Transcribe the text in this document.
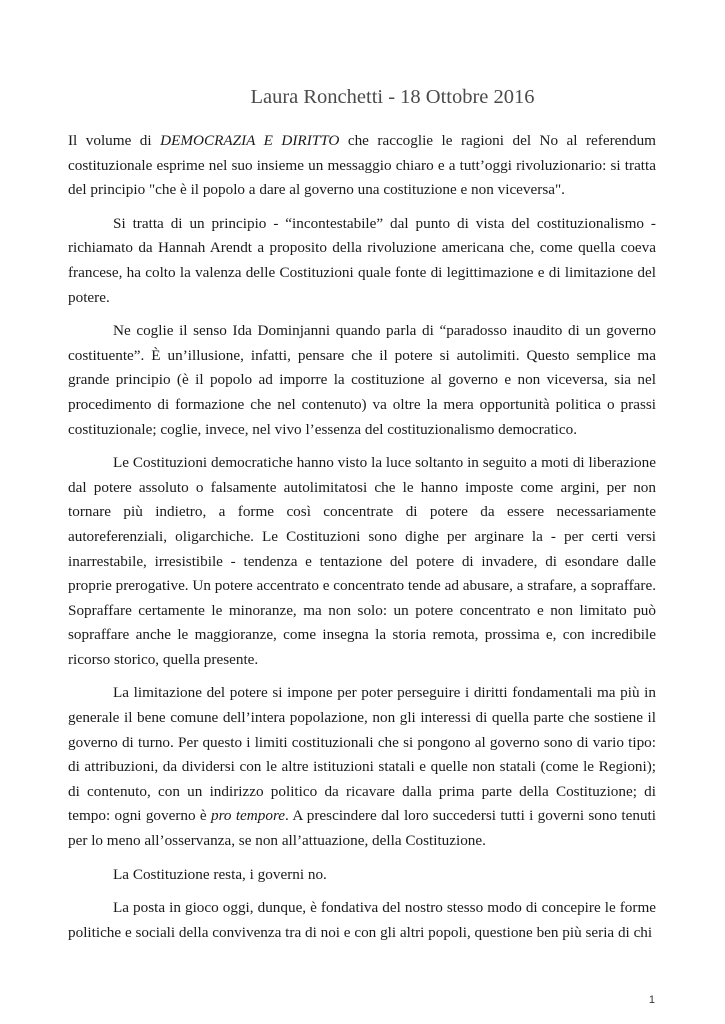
Laura Ronchetti - 18 Ottobre 2016

Il volume di DEMOCRAZIA E DIRITTO che raccoglie le ragioni del No al referendum costituzionale esprime nel suo insieme un messaggio chiaro e a tutt’oggi rivoluzionario: si tratta del principio "che è il popolo a dare al governo una costituzione e non viceversa".

Si tratta di un principio - “incontestabile” dal punto di vista del costituzionalismo - richiamato da Hannah Arendt a proposito della rivoluzione americana che, come quella coeva francese, ha colto la valenza delle Costituzioni quale fonte di legittimazione e di limitazione del potere.

Ne coglie il senso Ida Dominjanni quando parla di “paradosso inaudito di un governo costituente”. È un’illusione, infatti, pensare che il potere si autolimiti. Questo semplice ma grande principio (è il popolo ad imporre la costituzione al governo e non viceversa, sia nel procedimento di formazione che nel contenuto) va oltre la mera opportunità politica o prassi costituzionale; coglie, invece, nel vivo l’essenza del costituzionalismo democratico.

Le Costituzioni democratiche hanno visto la luce soltanto in seguito a moti di liberazione dal potere assoluto o falsamente autolimitatosi che le hanno imposte come argini, per non tornare più indietro, a forme così concentrate di potere da essere necessariamente autoreferenziali, oligarchiche. Le Costituzioni sono dighe per arginare la - per certi versi inarrestabile, irresistibile - tendenza e tentazione del potere di invadere, di esondare dalle proprie prerogative. Un potere accentrato e concentrato tende ad abusare, a strafare, a sopraffare. Sopraffare certamente le minoranze, ma non solo: un potere concentrato e non limitato può sopraffare anche le maggioranze, come insegna la storia remota, prossima e, con incredibile ricorso storico, quella presente.

La limitazione del potere si impone per poter perseguire i diritti fondamentali ma più in generale il bene comune dell’intera popolazione, non gli interessi di quella parte che sostiene il governo di turno. Per questo i limiti costituzionali che si pongono al governo sono di vario tipo: di attribuzioni, da dividersi con le altre istituzioni statali e quelle non statali (come le Regioni); di contenuto, con un indirizzo politico da ricavare dalla prima parte della Costituzione; di tempo: ogni governo è pro tempore. A prescindere dal loro succedersi tutti i governi sono tenuti per lo meno all’osservanza, se non all’attuazione, della Costituzione.

La Costituzione resta, i governi no.

La posta in gioco oggi, dunque, è fondativa del nostro stesso modo di concepire le forme politiche e sociali della convivenza tra di noi e con gli altri popoli, questione ben più seria di chi

1
